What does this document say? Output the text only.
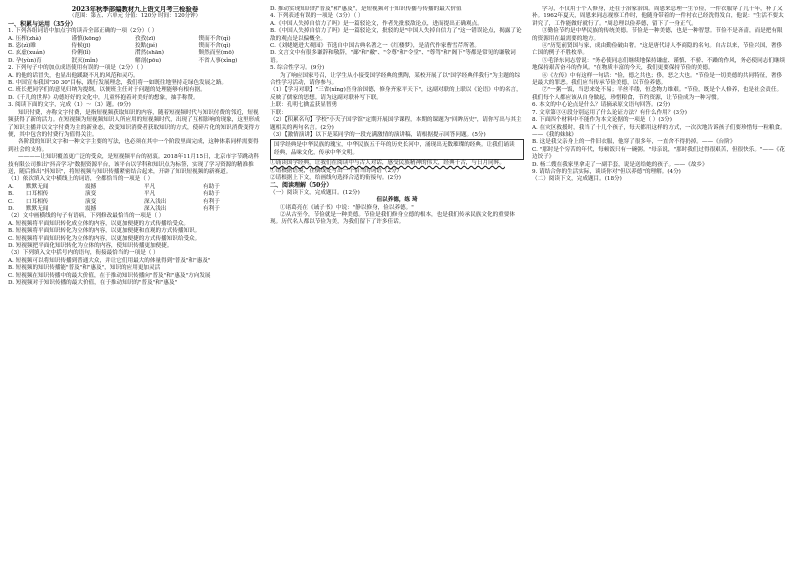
2023年秋季部编教材九上语文月考三检验卷
（范围：第五、六单元 分值：120分 时间：120分钟）

一、积累与运用（35分）

1. 下列各组词语中加点字的读音全部正确的一项（2分）（ ）

A. 压榨(zhà)	谨慎(kōng)	孜孜(zī)	锲而不舍(qì)
B. 恣(zì)睢	侍候(jī)	狡黠(jié)	锲而不舍(qì)
C. 玄虚(xuán)	伶俐(lǐ)	潸然(shān)	颓然而至(mō)
D. 孕(yùn)育	泯灭(mǐn)	解剖(pōu)	不省人事(xǐng)

2. 下列句子中的加点成语使用有误的一项是（2分）（ ）

A. 的他的话冒失，也显出他蹊跷不凡的风范和灵巧。

B. 中国宣布我国"30 30"目标，践行发展理念，我们将一如既往地坚持走绿色发展之路。

C. 班长把同学们的意见归纳为提纲，以便班主任对于问题的处理能够有根有据。

D.《千儿的世界》功德好好的文化中，儿童怀抱着对美好的想象，抽手称赞。

3. 阅读下面的文字，完成（1）～（3）题。(9分)

知识付费，亦称文字付费，是指短视频获取知识的内容，随着短视频时代与知识付费的邻近，短视频获得了新的活力。在短视频为短视频知识人所应用的短视频时代，出现了互相影响的现象，这里形成了知识主播并以文字付费为主的新业态，改变知识消费者获取知识的方式，使碎片化的知识消费变得方便，其中包含的付费行为值得关注。

各阶段的知识文字和一种文字主要的写法，也必须在其中一个阶段里面完成，这种体系同样需要得到社会的支持。

————让知识覆盖更广泛的受众，是短视频平台的初衷。2018年11月15日，北京市字节跳动科技有限公司推出"抖音学习"数据资源平台，该平台以学科和知识点为标签，实现了学习资源的精准推送，随后推出"抖知识"，将短视频与知识传播紧密结合起来，开辟了知识短视频的新赛道。

（1）依次填入文中横线上的词语，全都恰当的一项是（ ）

A.	默默无闻	震撼	平凡	有助于
B.	口耳相传	演变	平凡	有助于
C.	口耳相传	演变	深入浅出	有利于
D.	默默无闻	震撼	深入浅出	有利于

（2）文中画横线的句子有语病，下列修改最恰当的一项是（ ）

A. 短视频将平面知识转化成立体的内容，以更加便捷的方式传播给受众。

B. 短视频将平面知识转化为立体的内容，以更加便捷和直观的方式传播知识。

C. 短视频将平面知识转化为立体的内容，以更加便捷的方式传播知识给受众。

D. 短视频把平面化知识转化为立体的内容，使知识传播更加便捷。

（3）下列填入文中括号内的语句，衔接最恰当的一项是（ ）

A. 短视频可以将知识传播到普通大众，并让它们用最大的体量得到"普及"和"惠及"

B. 短视频的知识传播能"普及"和"惠及"，知识的应用更加灵活

C. 短视频在知识传播中的最大价值，在于推动知识传播向"普及"和"惠及"方向发展

D. 短视频对于知识传播的最大价值，在于推动知识的"普及"和"惠及"

D. 推动实现知识的"普及"和"惠及"，是短视频对于知识传播与传播的最大价值

4. 下列表述有误的一项是（3分）（ ）

A.《中国人失掉自信力了吗》是一篇驳论文，作者先批驳敌论点，进而提出正确观点。

B.《中国人失掉自信力了吗》是一篇驳论文，批驳的是"中国人失掉自信力了"这一错误论点，揭露了论敌的观点是以偏概全。

C.《刘姥姥进大观园》节选自中国古典名著之一《红楼梦》，是清代作家曹雪芹所著。

D. 文言文中有很多谦辞和敬辞，"鄙"和"敝"、"令尊"和"令堂"、"尊驾"和"阁下"等都是常见的谦敬词语。

5. 综合性学习。(9分)

为了响应国家号召，让学生从小接受国学经典的熏陶，某校开展了以"国学经典伴我行"为主题的综合性学习活动，请你参与。

（1）【学习对联】"三省(xǐng)吾身治国德，修身齐家平天下"，这副对联的上联以《论语》中的名言，反映了儒家的思想。请为这副对联补写下联。

上联：孔明七擒孟获显智勇

下联：____________________

（2）【积累名句】学校"小夫子国学馆"定期开展国学课程，本期的课题为"回眸历史"，请你写出与其主题相关的两句名言。(2分)

（3）【激情演讲】以下是某同学的一段充满激情的演讲稿，请根据提示回答问题。(5分)

国学经典是中华民族的瑰宝，中华民族五千年的历史长河中，涌现出无数璀璨的经典。让我们诵读经典，品味文化，传承中华文明。

①诵读国学经典，让我们在阅读中与古人对话，感受民族精神的伟大，经典千古，与日月同辉。

①请根据语境，在横线处写出一个恰当的词语（2分）

②请根据上下文，给画线句选择合适的衔接句。(2分)

二、阅读理解（50分）

（一）阅读下文，完成题目。(12分)

但以养德，练 琦

①诸葛亮在《诫子书》中说："静以修身，俭以养德。"

②从古至今，节俭就是一种美德。节俭是我们修身立德的根本，也是我们传承民族文化的重要体现。历代名人都以节俭为美，为我们留下了许多佳话。

学习，不仅用于个人修身，还在于治家治国。周恩来总理一生节俭，一件衣服穿了几十年，补了又补。1962年夏天，周恩来同志视察工作时，他随身带着的一件衬衣已经洗得发白，他说："生活不要太讲究了，工作能做好就行了。"周总理以俭养德，留下了一身正气。

③勤俭节约是中华民族的传统美德。节俭是一种美德，也是一种智慧。节俭不是吝啬，而是把有限的资源用在最需要的地方。

④"历览前贤国与家，成由勤俭破由奢。"这是唐代诗人李商隐的名句。自古以来，节俭兴国，奢侈亡国的例子不胜枚举。

⑤毛泽东同志曾说："务必使同志们继续地保持谦虚、谨慎、不骄、不躁的作风，务必使同志们继续地保持艰苦奋斗的作风。"在物质丰富的今天，我们更要保持节俭的美德。

⑥《左传》中有这样一句话："俭，德之共也；侈，恶之大也。"节俭是一切美德的共同特征，奢侈是最大的罪恶。我们应当传承节俭美德，以节俭养德。

⑦"一粥一饭，当思来处不易；半丝半缕，恒念物力维艰。"节俭，既是个人修养，也是社会责任。我们每个人都应该从自身做起，珍惜粮食，节约资源，让节俭成为一种习惯。

6. 本文的中心论点是什么？请摘录原文语句回答。(2分)

7. 文章第③④段分别运用了什么论证方法？有什么作用？(3分)

8. 下面四个材料中不能作为本文论据的一项是（ ）(3分)

A. 在灾区救援时，我当了十几个孩子，每天都用这样的方式，一次次地告诉孩子们要珍惜每一粒粮食。——《我的妹妹》

B. 这是我父亲身上的一件旧衣服，他穿了很多年，一直舍不得扔掉。——《台阶》

C. "那时是个穷苦的年代，每顿饭只有一碗粥。"母亲说，"那时我们过得很艰苦，但很快乐。"——《花边饺子》

D. 杨二嫂在我家里拿走了一副手套，说是送给她的孩子。——《故乡》

9. 请结合你的生活实际，谈谈你对"但以养德"的理解。(4分)

（二）阅读下文，完成题目。(18分)
